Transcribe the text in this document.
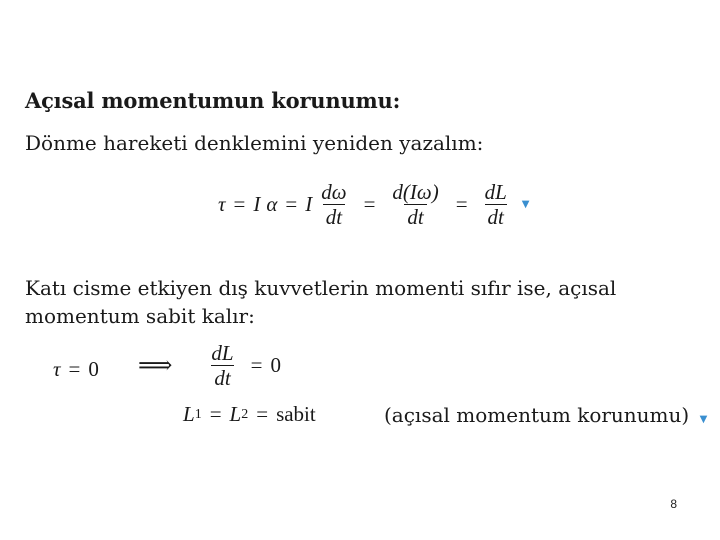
Açısal momentumun korunumu:
Dönme hareketi denklemini yeniden yazalım:
τ = I α = I $\frac{d\omega}{dt} = \frac{d(I\omega)}{dt} = \frac{dL}{dt}$ ▼
Katı cisme etkiyen dış kuvvetlerin momenti sıfır ise, açısal momentum sabit kalır:
τ = 0 ⟹ $\frac{dL}{dt} = 0$
L 1 = L 2 = sabit	(açısal momentum korunumu) ▼
8
